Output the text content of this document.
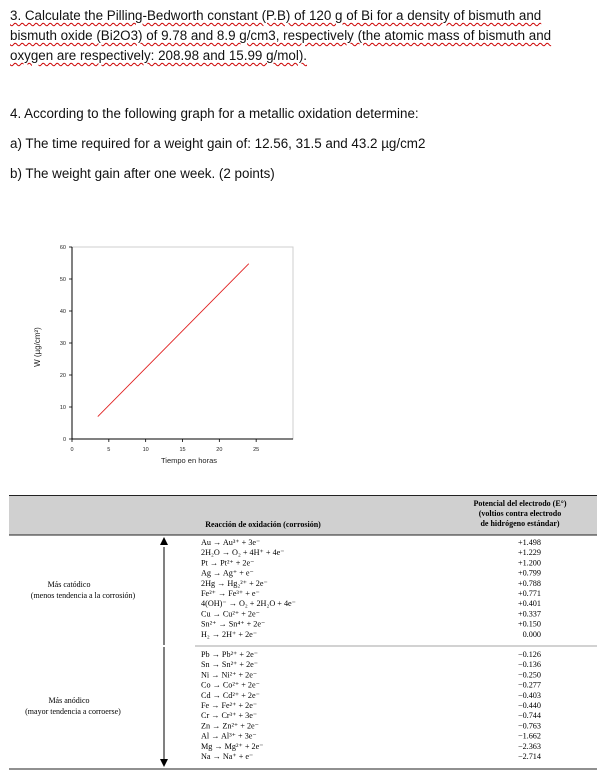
3. Calculate the Pilling-Bedworth constant (P.B) of 120 g of Bi for a density of bismuth and

bismuth oxide (Bi2O3) of 9.78 and 8.9 g/cm3, respectively (the atomic mass of bismuth and

oxygen are respectively: 208.98 and 15.99 g/mol).

4. According to the following graph for a metallic oxidation determine:

a) The time required for a weight gain of: 12.56, 31.5 and 43.2 µg/cm2

b) The weight gain after one week. (2 points)

0
10
20
30
40
50
60
0	5	10	15	20	25
Tiempo en horas
W (µg/cm²)
Reacción de oxidación (corrosión)
Potencial del electrodo (E°)
(voltios contra electrodo
de hidrógeno estándar)
Más catódico
(menos tendencia a la corrosión)
Más anódico
(mayor tendencia a corroerse)
Au → Au³⁺ + 3e⁻	+1.498
2H₂O → O₂ + 4H⁺ + 4e⁻	+1.229
Pt → Pt²⁺ + 2e⁻	+1.200
Ag → Ag⁺ + e⁻	+0.799
2Hg → Hg₂²⁺ + 2e⁻	+0.788
Fe²⁺ → Fe³⁺ + e⁻	+0.771
4(OH)⁻ → O₂ + 2H₂O + 4e⁻	+0.401
Cu → Cu²⁺ + 2e⁻	+0.337
Sn²⁺ → Sn⁴⁺ + 2e⁻	+0.150
H₂ → 2H⁺ + 2e⁻	0.000
Pb → Pb²⁺ + 2e⁻	−0.126
Sn → Sn²⁺ + 2e⁻	−0.136
Ni → Ni²⁺ + 2e⁻	−0.250
Co → Co²⁺ + 2e⁻	−0.277
Cd → Cd²⁺ + 2e⁻	−0.403
Fe → Fe²⁺ + 2e⁻	−0.440
Cr → Cr³⁺ + 3e⁻	−0.744
Zn → Zn²⁺ + 2e⁻	−0.763
Al → Al³⁺ + 3e⁻	−1.662
Mg → Mg²⁺ + 2e⁻	−2.363
Na → Na⁺ + e⁻	−2.714
